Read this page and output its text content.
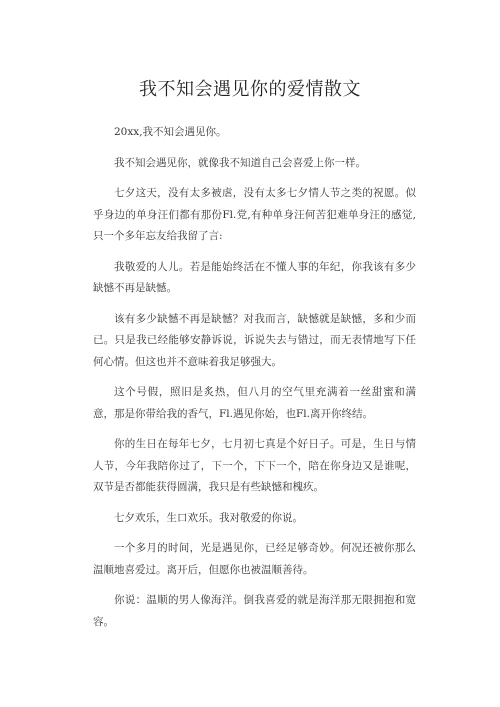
我不知会遇见你的爱情散文

20xx,我不知会遇见你。

我不知会遇见你，就像我不知道自己会喜爱上你一样。

七夕这天，没有太多被虐，没有太多七夕情人节之类的祝愿。似乎身边的单身汪们都有那份Fl.党,有种单身汪何苦犯难单身汪的感觉,只一个多年忘友给我留了言:

我敬爱的人儿。若是能始终活在不懂人事的年纪，你我该有多少缺憾不再是缺憾。

该有多少缺憾不再是缺憾？对我而言，缺憾就是缺憾，多和少而已。只是我已经能够安静诉说，诉说失去与错过，而无表情地写下任何心情。但这也并不意味着我足够强大。

这个号假，照旧是炙热，但八月的空气里充满着一丝甜蜜和满意，那是你带给我的香气，Fl.遇见你始，也Fl.离开你终结。

你的生日在每年七夕，七月初七真是个好日子。可是，生日与情人节，今年我陪你过了，下一个，下下一个，陪在你身边又是谁呢，双节是否都能获得圆满，我只是有些缺憾和槐疚。

七夕欢乐，生口欢乐。我对敬爱的你说。

一个多月的时间，光是遇见你，已经足够奇妙。何况还被你那么温顺地喜爱过。离开后，但愿你也被温顺善待。

你说：温顺的男人像海洋。倒我喜爱的就是海洋那无限拥抱和宽容。
